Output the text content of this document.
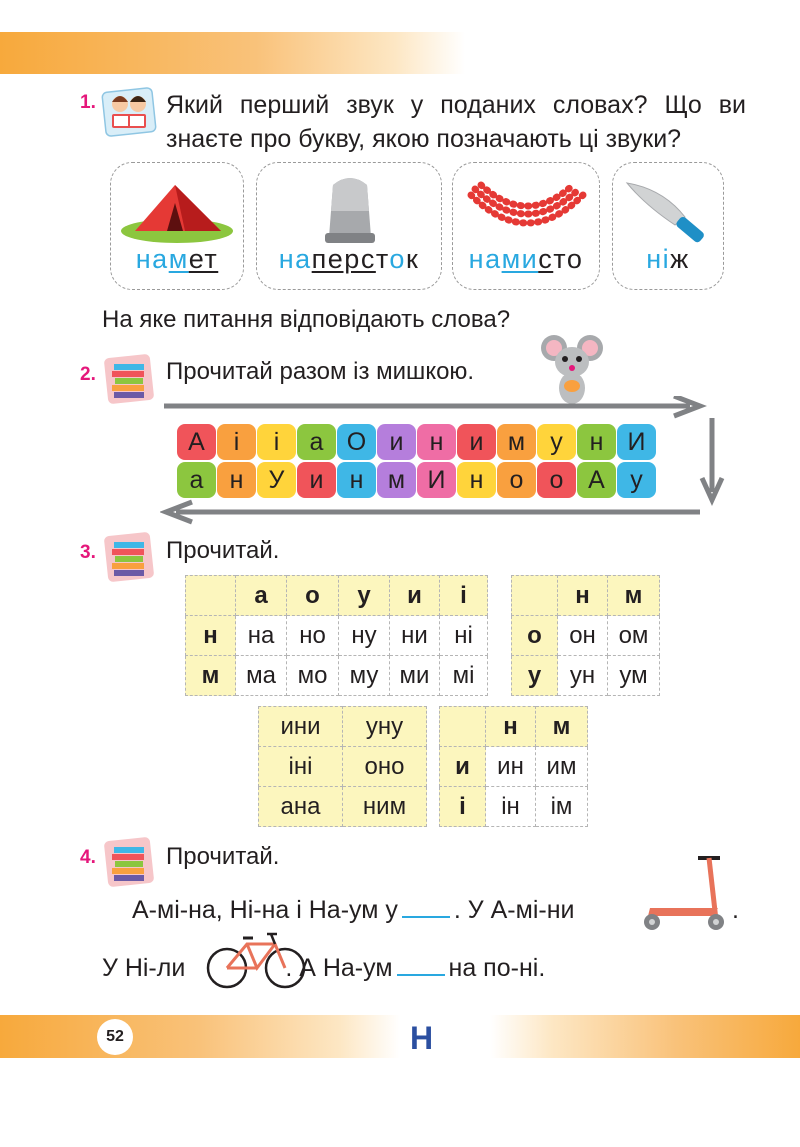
1.	Який перший звук у поданих словах? Що ви
знаєте про букву, якою позначають ці звуки?
намет	наперсток	намисто	ніж
На яке питання відповідають слова?
2.	Прочитай разом із мишкою.
А	і	і	а О и	н	и м	у	н И
а	н	У	и	н м И н	о	о А	у
3.	Прочитай.
	а	о	у	и	і
н	на	но	ну	ни	ні
м	ма	мо	му	ми	мі
	н	м
о	он	ом
у	ун	ум
ини	уну
іні	оно
ана	ним
	н	м
и	ин	им
і	ін	ім
4.	Прочитай.
А-мі-на, Ні-на і На-ум у . У А-мі-ни	.
У Ні-ли	. А На-ум на по-ні.
52	Н
